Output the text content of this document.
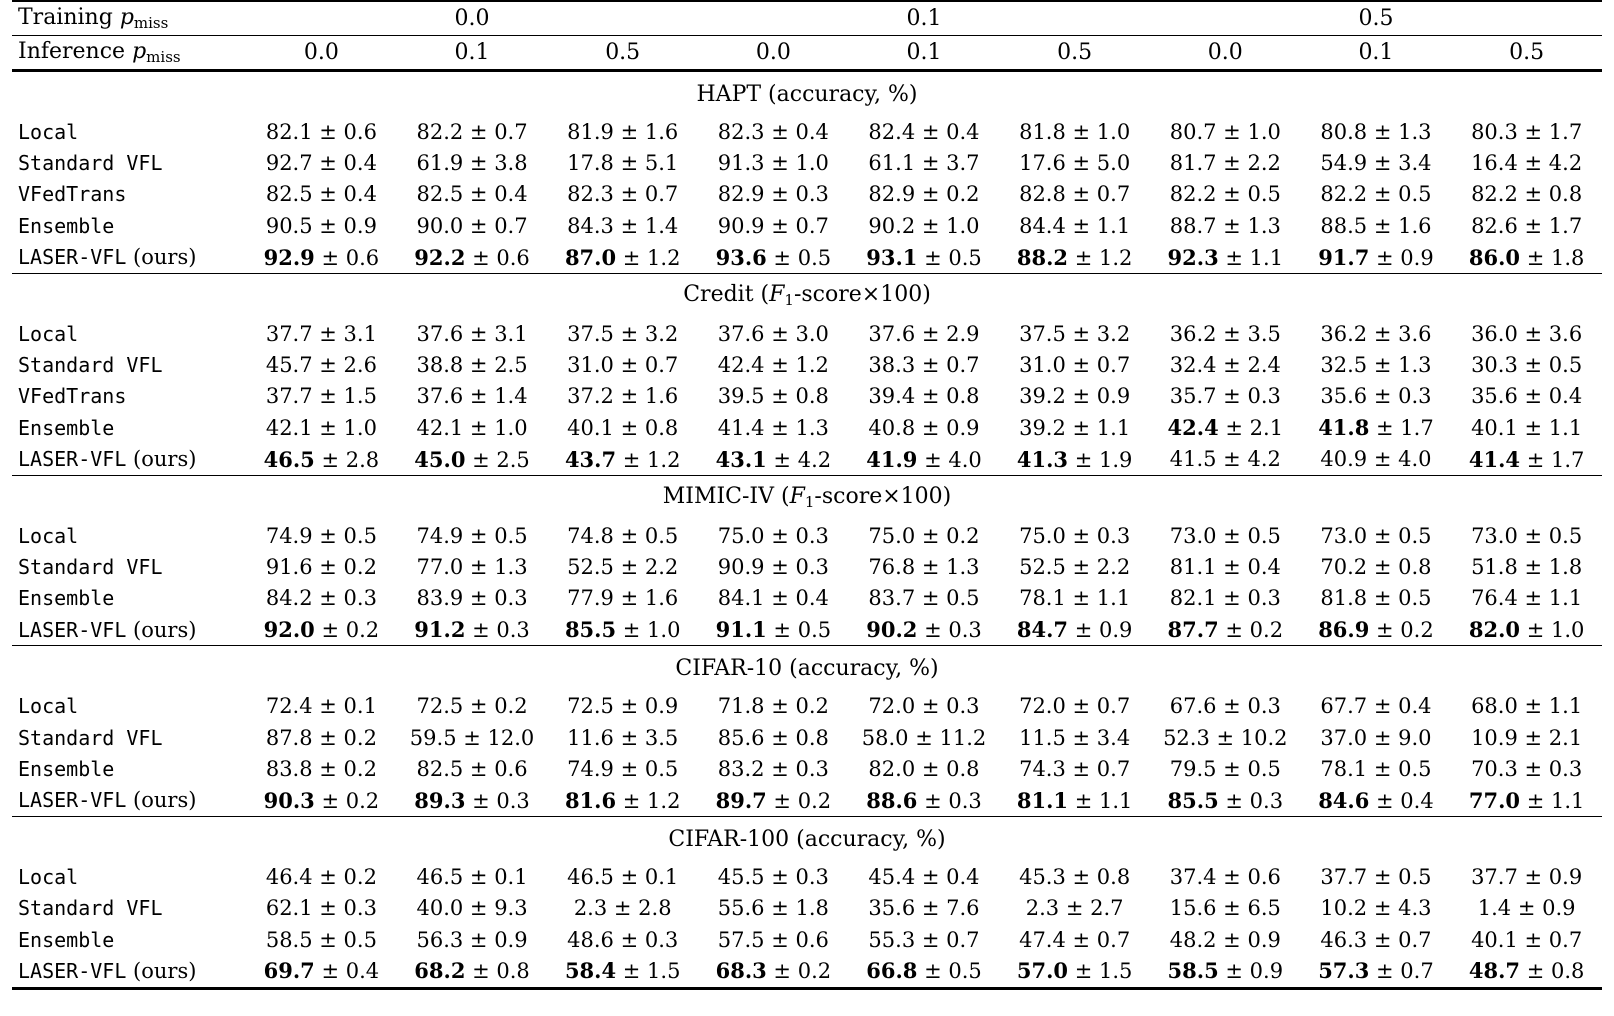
Training $p_{miss}$	0.0			0.1			0.5		
Inference $p_{miss}$	0.0	0.1	0.5	0.0	0.1	0.5	0.0	0.1	0.5
HAPT (accuracy, %)									
Local	82.1 ± 0.6	82.2 ± 0.7	81.9 ± 1.6	82.3 ± 0.4	82.4 ± 0.4	81.8 ± 1.0	80.7 ± 1.0	80.8 ± 1.3	80.3 ± 1.7
Standard VFL	92.7 ± 0.4	61.9 ± 3.8	17.8 ± 5.1	91.3 ± 1.0	61.1 ± 3.7	17.6 ± 5.0	81.7 ± 2.2	54.9 ± 3.4	16.4 ± 4.2
VFedTrans	82.5 ± 0.4	82.5 ± 0.4	82.3 ± 0.7	82.9 ± 0.3	82.9 ± 0.2	82.8 ± 0.7	82.2 ± 0.5	82.2 ± 0.5	82.2 ± 0.8
Ensemble	90.5 ± 0.9	90.0 ± 0.7	84.3 ± 1.4	90.9 ± 0.7	90.2 ± 1.0	84.4 ± 1.1	88.7 ± 1.3	88.5 ± 1.6	82.6 ± 1.7
LASER-VFL (ours)	92.9 ± 0.6	92.2 ± 0.6	87.0 ± 1.2	93.6 ± 0.5	93.1 ± 0.5	88.2 ± 1.2	92.3 ± 1.1	91.7 ± 0.9	86.0 ± 1.8
Credit $(F_1-score\times 100)$									
Local	37.7 ± 3.1	37.6 ± 3.1	37.5 ± 3.2	37.6 ± 3.0	37.6 ± 2.9	37.5 ± 3.2	36.2 ± 3.5	36.2 ± 3.6	36.0 ± 3.6
Standard VFL	45.7 ± 2.6	38.8 ± 2.5	31.0 ± 0.7	42.4 ± 1.2	38.3 ± 0.7	31.0 ± 0.7	32.4 ± 2.4	32.5 ± 1.3	30.3 ± 0.5
VFedTrans	37.7 ± 1.5	37.6 ± 1.4	37.2 ± 1.6	39.5 ± 0.8	39.4 ± 0.8	39.2 ± 0.9	35.7 ± 0.3	35.6 ± 0.3	35.6 ± 0.4
Ensemble	42.1 ± 1.0	42.1 ± 1.0	40.1 ± 0.8	41.4 ± 1.3	40.8 ± 0.9	39.2 ± 1.1	42.4 ± 2.1	41.8 ± 1.7	40.1 ± 1.1
LASER-VFL (ours)	46.5 ± 2.8	45.0 ± 2.5	43.7 ± 1.2	43.1 ± 4.2	41.9 ± 4.0	41.3 ± 1.9	41.5 ± 4.2	40.9 ± 4.0	41.4 ± 1.7
MIMIC-IV $(F_1-score\times 100)$									
Local	74.9 ± 0.5	74.9 ± 0.5	74.8 ± 0.5	75.0 ± 0.3	75.0 ± 0.2	75.0 ± 0.3	73.0 ± 0.5	73.0 ± 0.5	73.0 ± 0.5
Standard VFL	91.6 ± 0.2	77.0 ± 1.3	52.5 ± 2.2	90.9 ± 0.3	76.8 ± 1.3	52.5 ± 2.2	81.1 ± 0.4	70.2 ± 0.8	51.8 ± 1.8
Ensemble	84.2 ± 0.3	83.9 ± 0.3	77.9 ± 1.6	84.1 ± 0.4	83.7 ± 0.5	78.1 ± 1.1	82.1 ± 0.3	81.8 ± 0.5	76.4 ± 1.1
LASER-VFL (ours)	92.0 ± 0.2	91.2 ± 0.3	85.5 ± 1.0	91.1 ± 0.5	90.2 ± 0.3	84.7 ± 0.9	87.7 ± 0.2	86.9 ± 0.2	82.0 ± 1.0
CIFAR-10 (accuracy, %)									
Local	72.4 ± 0.1	72.5 ± 0.2	72.5 ± 0.9	71.8 ± 0.2	72.0 ± 0.3	72.0 ± 0.7	67.6 ± 0.3	67.7 ± 0.4	68.0 ± 1.1
Standard VFL	87.8 ± 0.2	59.5 ± 12.0	11.6 ± 3.5	85.6 ± 0.8	58.0 ± 11.2	11.5 ± 3.4	52.3 ± 10.2	37.0 ± 9.0	10.9 ± 2.1
Ensemble	83.8 ± 0.2	82.5 ± 0.6	74.9 ± 0.5	83.2 ± 0.3	82.0 ± 0.8	74.3 ± 0.7	79.5 ± 0.5	78.1 ± 0.5	70.3 ± 0.3
LASER-VFL (ours)	90.3 ± 0.2	89.3 ± 0.3	81.6 ± 1.2	89.7 ± 0.2	88.6 ± 0.3	81.1 ± 1.1	85.5 ± 0.3	84.6 ± 0.4	77.0 ± 1.1
CIFAR-100 (accuracy, %)									
Local	46.4 ± 0.2	46.5 ± 0.1	46.5 ± 0.1	45.5 ± 0.3	45.4 ± 0.4	45.3 ± 0.8	37.4 ± 0.6	37.7 ± 0.5	37.7 ± 0.9
Standard VFL	62.1 ± 0.3	40.0 ± 9.3	2.3 ± 2.8	55.6 ± 1.8	35.6 ± 7.6	2.3 ± 2.7	15.6 ± 6.5	10.2 ± 4.3	1.4 ± 0.9
Ensemble	58.5 ± 0.5	56.3 ± 0.9	48.6 ± 0.3	57.5 ± 0.6	55.3 ± 0.7	47.4 ± 0.7	48.2 ± 0.9	46.3 ± 0.7	40.1 ± 0.7
LASER-VFL (ours)	69.7 ± 0.4	68.2 ± 0.8	58.4 ± 1.5	68.3 ± 0.2	66.8 ± 0.5	57.0 ± 1.5	58.5 ± 0.9	57.3 ± 0.7	48.7 ± 0.8
